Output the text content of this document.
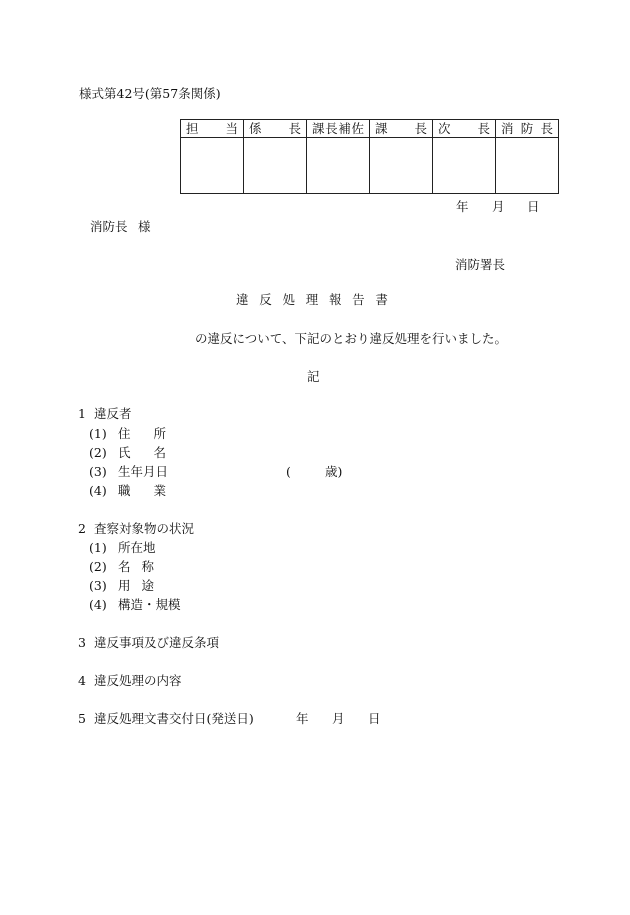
様式第42号(第57条関係)
担 当	係 長	課 長 補 佐	課 長	次 長	消 防 長

年 月 日
消防長 様
消防署長
違 反 処 理 報 告 書
の違反について、下記のとおり違反処理を行いました。
記
1 違反者
(1) 住 所
(2) 氏 名
(3) 生年月日	(	歳)
(4) 職 業
2 査察対象物の状況
(1) 所在地
(2) 名 称
(3) 用 途
(4) 構造・規模
3 違反事項及び違反条項
4 違反処理の内容
5 違反処理文書交付日(発送日)	年 月 日
